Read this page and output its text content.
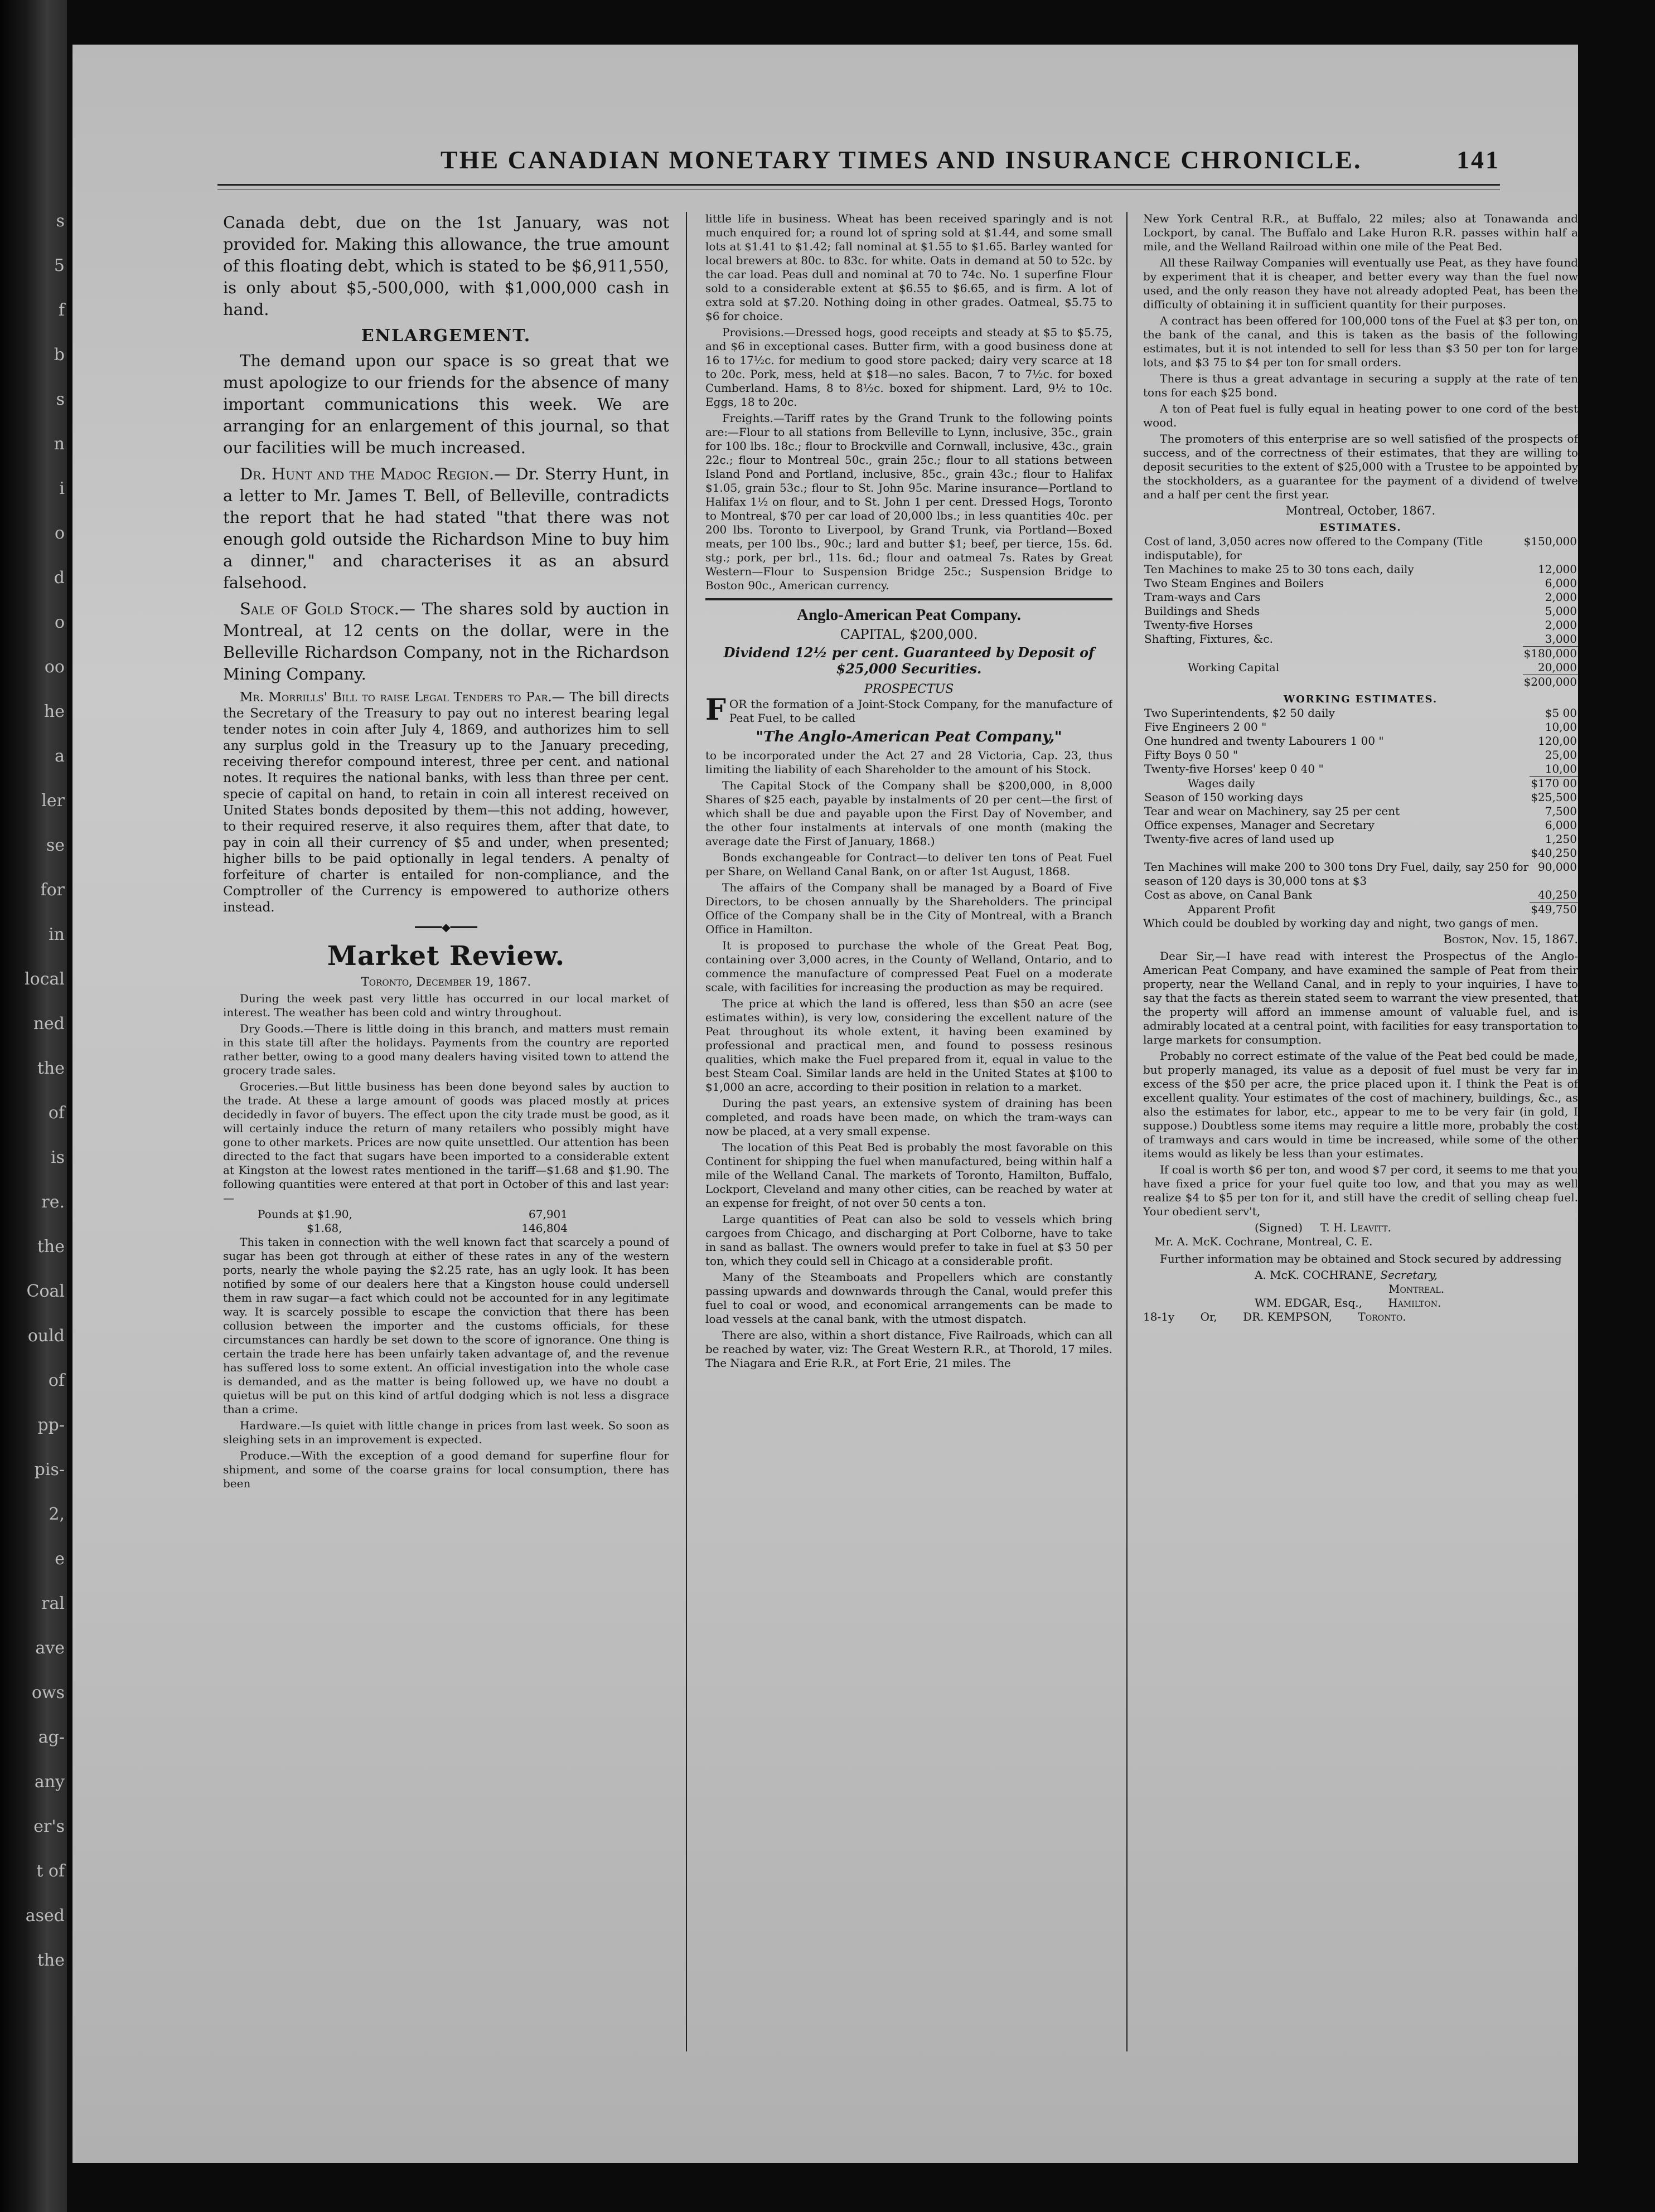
s
5
f
b
s
n
i
o
d
o
oo
he
a
ler
se
for
in
local
ned
the
of
is
re.
the
Coal
ould
of
pp-
pis-
2,
e
ral
ave
ows
ag-
any
er's
t of
ased
the
THE CANADIAN MONETARY TIMES AND INSURANCE CHRONICLE.	141

Canada debt, due on the 1st January, was not provided for. Making this allowance, the true amount of this floating debt, which is stated to be $6,911,550, is only about $5,-500,000, with $1,000,000 cash in hand.

ENLARGEMENT.

The demand upon our space is so great that we must apologize to our friends for the absence of many important communications this week. We are arranging for an enlargement of this journal, so that our facilities will be much increased.

Dr. Hunt and the Madoc Region.— Dr. Sterry Hunt, in a letter to Mr. James T. Bell, of Belleville, contradicts the report that he had stated "that there was not enough gold outside the Richardson Mine to buy him a dinner," and characterises it as an absurd falsehood.

Sale of Gold Stock.— The shares sold by auction in Montreal, at 12 cents on the dollar, were in the Belleville Richardson Company, not in the Richardson Mining Company.

Mr. Morrills' Bill to raise Legal Tenders to Par.— The bill directs the Secretary of the Treasury to pay out no interest bearing legal tender notes in coin after July 4, 1869, and authorizes him to sell any surplus gold in the Treasury up to the January preceding, receiving therefor compound interest, three per cent. and national notes. It requires the national banks, with less than three per cent. specie of capital on hand, to retain in coin all interest received on United States bonds deposited by them—this not adding, however, to their required reserve, it also requires them, after that date, to pay in coin all their currency of $5 and under, when presented; higher bills to be paid optionally in legal tenders. A penalty of forfeiture of charter is entailed for non-compliance, and the Comptroller of the Currency is empowered to authorize others instead.

━━━━◆━━━━
Market Review.
Toronto, December 19, 1867.

During the week past very little has occurred in our local market of interest. The weather has been cold and wintry throughout.

Dry Goods.—There is little doing in this branch, and matters must remain in this state till after the holidays. Payments from the country are reported rather better, owing to a good many dealers having visited town to attend the grocery trade sales.

Groceries.—But little business has been done beyond sales by auction to the trade. At these a large amount of goods was placed mostly at prices decidedly in favor of buyers. The effect upon the city trade must be good, as it will certainly induce the return of many retailers who possibly might have gone to other markets. Prices are now quite unsettled. Our attention has been directed to the fact that sugars have been imported to a considerable extent at Kingston at the lowest rates mentioned in the tariff—$1.68 and $1.90. The following quantities were entered at that port in October of this and last year:—

Pounds at $1.90,	67,901
$1.68,	146,804

This taken in connection with the well known fact that scarcely a pound of sugar has been got through at either of these rates in any of the western ports, nearly the whole paying the $2.25 rate, has an ugly look. It has been notified by some of our dealers here that a Kingston house could undersell them in raw sugar—a fact which could not be accounted for in any legitimate way. It is scarcely possible to escape the conviction that there has been collusion between the importer and the customs officials, for these circumstances can hardly be set down to the score of ignorance. One thing is certain the trade here has been unfairly taken advantage of, and the revenue has suffered loss to some extent. An official investigation into the whole case is demanded, and as the matter is being followed up, we have no doubt a quietus will be put on this kind of artful dodging which is not less a disgrace than a crime.

Hardware.—Is quiet with little change in prices from last week. So soon as sleighing sets in an improvement is expected.

Produce.—With the exception of a good demand for superfine flour for shipment, and some of the coarse grains for local consumption, there has been

little life in business. Wheat has been received sparingly and is not much enquired for; a round lot of spring sold at $1.44, and some small lots at $1.41 to $1.42; fall nominal at $1.55 to $1.65. Barley wanted for local brewers at 80c. to 83c. for white. Oats in demand at 50 to 52c. by the car load. Peas dull and nominal at 70 to 74c. No. 1 superfine Flour sold to a considerable extent at $6.55 to $6.65, and is firm. A lot of extra sold at $7.20. Nothing doing in other grades. Oatmeal, $5.75 to $6 for choice.

Provisions.—Dressed hogs, good receipts and steady at $5 to $5.75, and $6 in exceptional cases. Butter firm, with a good business done at 16 to 17½c. for medium to good store packed; dairy very scarce at 18 to 20c. Pork, mess, held at $18—no sales. Bacon, 7 to 7½c. for boxed Cumberland. Hams, 8 to 8½c. boxed for shipment. Lard, 9½ to 10c. Eggs, 18 to 20c.

Freights.—Tariff rates by the Grand Trunk to the following points are:—Flour to all stations from Belleville to Lynn, inclusive, 35c., grain for 100 lbs. 18c.; flour to Brockville and Cornwall, inclusive, 43c., grain 22c.; flour to Montreal 50c., grain 25c.; flour to all stations between Island Pond and Portland, inclusive, 85c., grain 43c.; flour to Halifax $1.05, grain 53c.; flour to St. John 95c. Marine insurance—Portland to Halifax 1½ on flour, and to St. John 1 per cent. Dressed Hogs, Toronto to Montreal, $70 per car load of 20,000 lbs.; in less quantities 40c. per 200 lbs. Toronto to Liverpool, by Grand Trunk, via Portland—Boxed meats, per 100 lbs., 90c.; lard and butter $1; beef, per tierce, 15s. 6d. stg.; pork, per brl., 11s. 6d.; flour and oatmeal 7s. Rates by Great Western—Flour to Suspension Bridge 25c.; Suspension Bridge to Boston 90c., American currency.

Anglo-American Peat Company.
CAPITAL, $200,000.
Dividend 12½ per cent. Guaranteed by Deposit of $25,000 Securities.
PROSPECTUS

FOR the formation of a Joint-Stock Company, for the manufacture of Peat Fuel, to be called

"The Anglo-American Peat Company,"

to be incorporated under the Act 27 and 28 Victoria, Cap. 23, thus limiting the liability of each Shareholder to the amount of his Stock.

The Capital Stock of the Company shall be $200,000, in 8,000 Shares of $25 each, payable by instalments of 20 per cent—the first of which shall be due and payable upon the First Day of November, and the other four instalments at intervals of one month (making the average date the First of January, 1868.)

Bonds exchangeable for Contract—to deliver ten tons of Peat Fuel per Share, on Welland Canal Bank, on or after 1st August, 1868.

The affairs of the Company shall be managed by a Board of Five Directors, to be chosen annually by the Shareholders. The principal Office of the Company shall be in the City of Montreal, with a Branch Office in Hamilton.

It is proposed to purchase the whole of the Great Peat Bog, containing over 3,000 acres, in the County of Welland, Ontario, and to commence the manufacture of compressed Peat Fuel on a moderate scale, with facilities for increasing the production as may be required.

The price at which the land is offered, less than $50 an acre (see estimates within), is very low, considering the excellent nature of the Peat throughout its whole extent, it having been examined by professional and practical men, and found to possess resinous qualities, which make the Fuel prepared from it, equal in value to the best Steam Coal. Similar lands are held in the United States at $100 to $1,000 an acre, according to their position in relation to a market.

During the past years, an extensive system of draining has been completed, and roads have been made, on which the tram-ways can now be placed, at a very small expense.

The location of this Peat Bed is probably the most favorable on this Continent for shipping the fuel when manufactured, being within half a mile of the Welland Canal. The markets of Toronto, Hamilton, Buffalo, Lockport, Cleveland and many other cities, can be reached by water at an expense for freight, of not over 50 cents a ton.

Large quantities of Peat can also be sold to vessels which bring cargoes from Chicago, and discharging at Port Colborne, have to take in sand as ballast. The owners would prefer to take in fuel at $3 50 per ton, which they could sell in Chicago at a considerable profit.

Many of the Steamboats and Propellers which are constantly passing upwards and downwards through the Canal, would prefer this fuel to coal or wood, and economical arrangements can be made to load vessels at the canal bank, with the utmost dispatch.

There are also, within a short distance, Five Railroads, which can all be reached by water, viz: The Great Western R.R., at Thorold, 17 miles. The Niagara and Erie R.R., at Fort Erie, 21 miles. The

New York Central R.R., at Buffalo, 22 miles; also at Tonawanda and Lockport, by canal. The Buffalo and Lake Huron R.R. passes within half a mile, and the Welland Railroad within one mile of the Peat Bed.

All these Railway Companies will eventually use Peat, as they have found by experiment that it is cheaper, and better every way than the fuel now used, and the only reason they have not already adopted Peat, has been the difficulty of obtaining it in sufficient quantity for their purposes.

A contract has been offered for 100,000 tons of the Fuel at $3 per ton, on the bank of the canal, and this is taken as the basis of the following estimates, but it is not intended to sell for less than $3 50 per ton for large lots, and $3 75 to $4 per ton for small orders.

There is thus a great advantage in securing a supply at the rate of ten tons for each $25 bond.

A ton of Peat fuel is fully equal in heating power to one cord of the best wood.

The promoters of this enterprise are so well satisfied of the prospects of success, and of the correctness of their estimates, that they are willing to deposit securities to the extent of $25,000 with a Trustee to be appointed by the stockholders, as a guarantee for the payment of a dividend of twelve and a half per cent the first year.

Montreal, October, 1867.
ESTIMATES.
Cost of land, 3,050 acres now offered to the Company (Title indisputable), for	$150,000
Ten Machines to make 25 to 30 tons each, daily	12,000
Two Steam Engines and Boilers	6,000
Tram-ways and Cars	2,000
Buildings and Sheds	5,000
Twenty-five Horses	2,000
Shafting, Fixtures, &c.	3,000
	$180,000
Working Capital	20,000
	$200,000
WORKING ESTIMATES.
Two Superintendents, $2 50 daily	$5 00
Five Engineers 2 00 "	10,00
One hundred and twenty Labourers 1 00 "	120,00
Fifty Boys 0 50 "	25,00
Twenty-five Horses' keep 0 40 "	10,00
Wages daily	$170 00
Season of 150 working days	$25,500
Tear and wear on Machinery, say 25 per cent	7,500
Office expenses, Manager and Secretary	6,000
Twenty-five acres of land used up	1,250
	$40,250
Ten Machines will make 200 to 300 tons Dry Fuel, daily, say 250 for season of 120 days is 30,000 tons at $3	90,000
Cost as above, on Canal Bank	40,250
Apparent Profit	$49,750

Which could be doubled by working day and night, two gangs of men.

Boston, Nov. 15, 1867.

Dear Sir,—I have read with interest the Prospectus of the Anglo-American Peat Company, and have examined the sample of Peat from their property, near the Welland Canal, and in reply to your inquiries, I have to say that the facts as therein stated seem to warrant the view presented, that the property will afford an immense amount of valuable fuel, and is admirably located at a central point, with facilities for easy transportation to large markets for consumption.

Probably no correct estimate of the value of the Peat bed could be made, but properly managed, its value as a deposit of fuel must be very far in excess of the $50 per acre, the price placed upon it. I think the Peat is of excellent quality. Your estimates of the cost of machinery, buildings, &c., as also the estimates for labor, etc., appear to me to be very fair (in gold, I suppose.) Doubtless some items may require a little more, probably the cost of tramways and cars would in time be increased, while some of the other items would as likely be less than your estimates.

If coal is worth $6 per ton, and wood $7 per cord, it seems to me that you have fixed a price for your fuel quite too low, and that you may as well realize $4 to $5 per ton for it, and still have the credit of selling cheap fuel. Your obedient serv't,

(Signed) T. H. Leavitt.
Mr. A. McK. Cochrane, Montreal, C. E.

Further information may be obtained and Stock secured by addressing

A. McK. COCHRANE, Secretary,
Montreal.
WM. EDGAR, Esq., Hamilton.
18-1y Or, DR. KEMPSON, Toronto.
